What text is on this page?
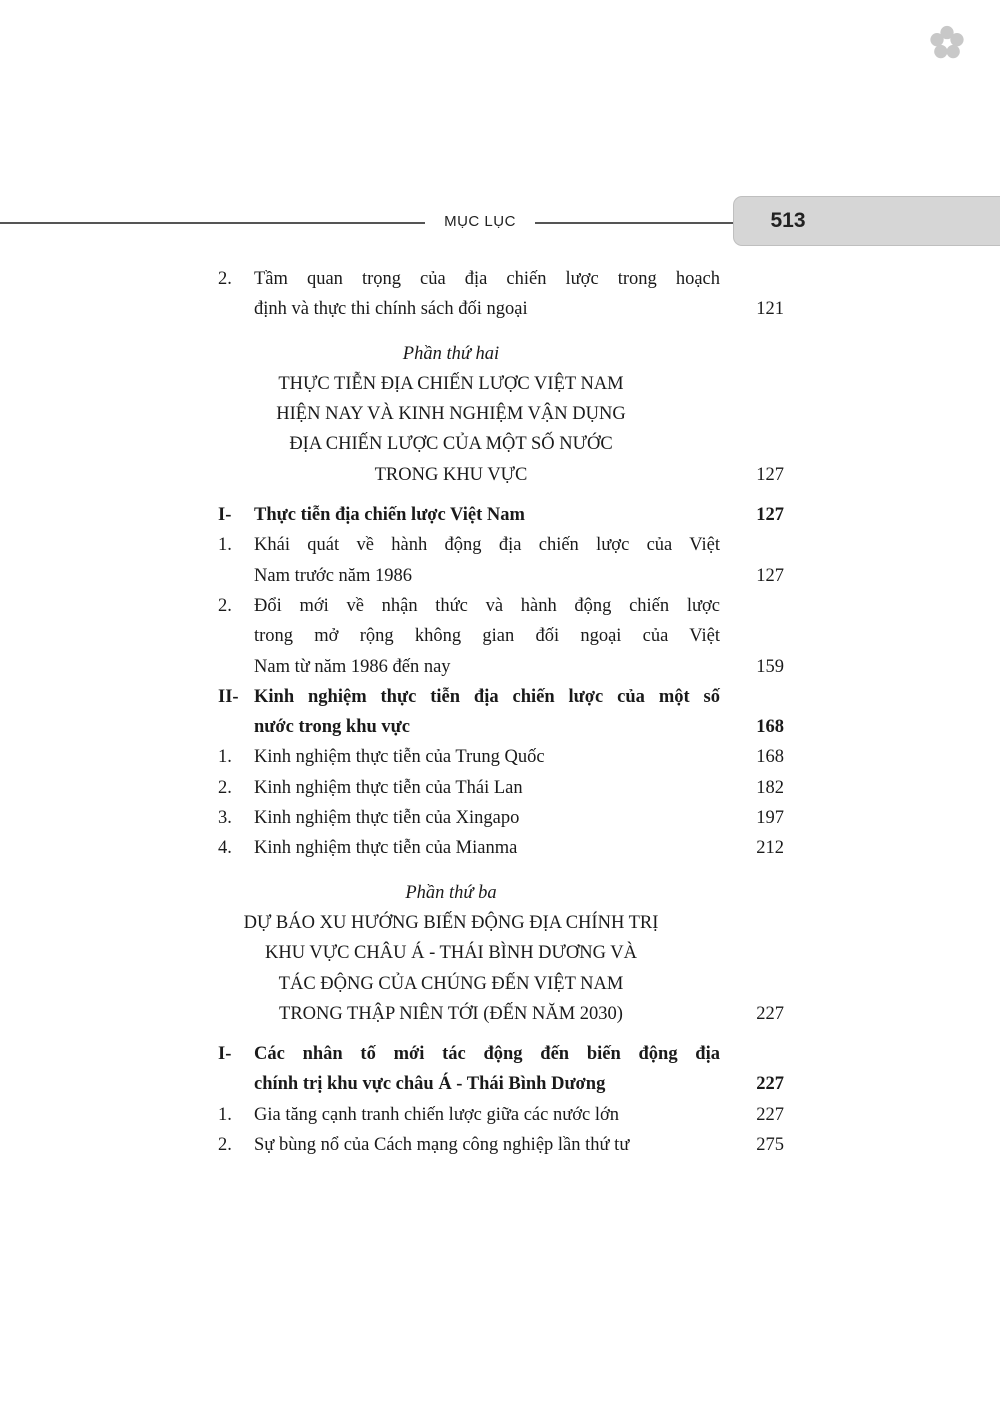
MỤC LỤC	513
2. Tầm quan trọng của địa chiến lược trong hoạch
định và thực thi chính sách đối ngoại	121
Phần thứ hai
THỰC TIỄN ĐỊA CHIẾN LƯỢC VIỆT NAM
HIỆN NAY VÀ KINH NGHIỆM VẬN DỤNG
ĐỊA CHIẾN LƯỢC CỦA MỘT SỐ NƯỚC
TRONG KHU VỰC	127
I- Thực tiễn địa chiến lược Việt Nam	127
1. Khái quát về hành động địa chiến lược của Việt
Nam trước năm 1986	127
2. Đổi mới về nhận thức và hành động chiến lược
trong mở rộng không gian đối ngoại của Việt
Nam từ năm 1986 đến nay	159
II- Kinh nghiệm thực tiễn địa chiến lược của một số
nước trong khu vực	168
1. Kinh nghiệm thực tiễn của Trung Quốc	168
2. Kinh nghiệm thực tiễn của Thái Lan	182
3. Kinh nghiệm thực tiễn của Xingapo	197
4. Kinh nghiệm thực tiễn của Mianma	212
Phần thứ ba
DỰ BÁO XU HƯỚNG BIẾN ĐỘNG ĐỊA CHÍNH TRỊ
KHU VỰC CHÂU Á - THÁI BÌNH DƯƠNG VÀ
TÁC ĐỘNG CỦA CHÚNG ĐẾN VIỆT NAM
TRONG THẬP NIÊN TỚI (ĐẾN NĂM 2030)	227
I- Các nhân tố mới tác động đến biến động địa
chính trị khu vực châu Á - Thái Bình Dương	227
1. Gia tăng cạnh tranh chiến lược giữa các nước lớn	227
2. Sự bùng nổ của Cách mạng công nghiệp lần thứ tư	275
